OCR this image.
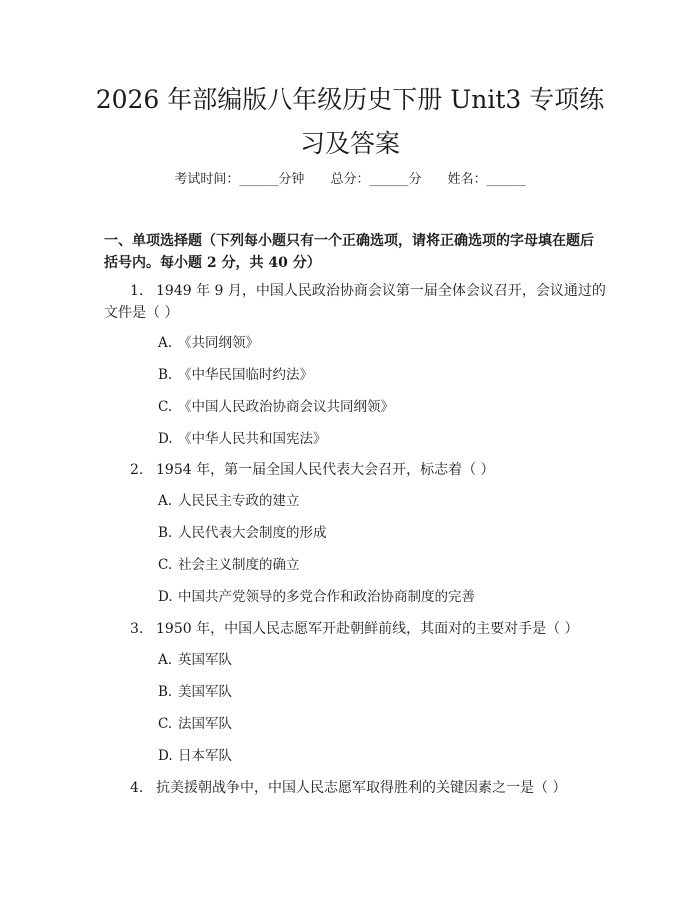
2026 年部编版八年级历史下册 Unit3 专项练
习及答案
考试时间：______分钟 总分：______分 姓名：______
一、单项选择题（下列每小题只有一个正确选项，请将正确选项的字母填在题后括号内。每小题 2 分，共 40 分）
1. 1949 年 9 月，中国人民政治协商会议第一届全体会议召开，会议通过的
文件是（ ）
A. 《共同纲领》
B. 《中华民国临时约法》
C. 《中国人民政治协商会议共同纲领》
D. 《中华人民共和国宪法》
2. 1954 年，第一届全国人民代表大会召开，标志着（ ）
A. 人民民主专政的建立
B. 人民代表大会制度的形成
C. 社会主义制度的确立
D. 中国共产党领导的多党合作和政治协商制度的完善
3. 1950 年，中国人民志愿军开赴朝鲜前线，其面对的主要对手是（ ）
A. 英国军队
B. 美国军队
C. 法国军队
D. 日本军队
4. 抗美援朝战争中，中国人民志愿军取得胜利的关键因素之一是（ ）
